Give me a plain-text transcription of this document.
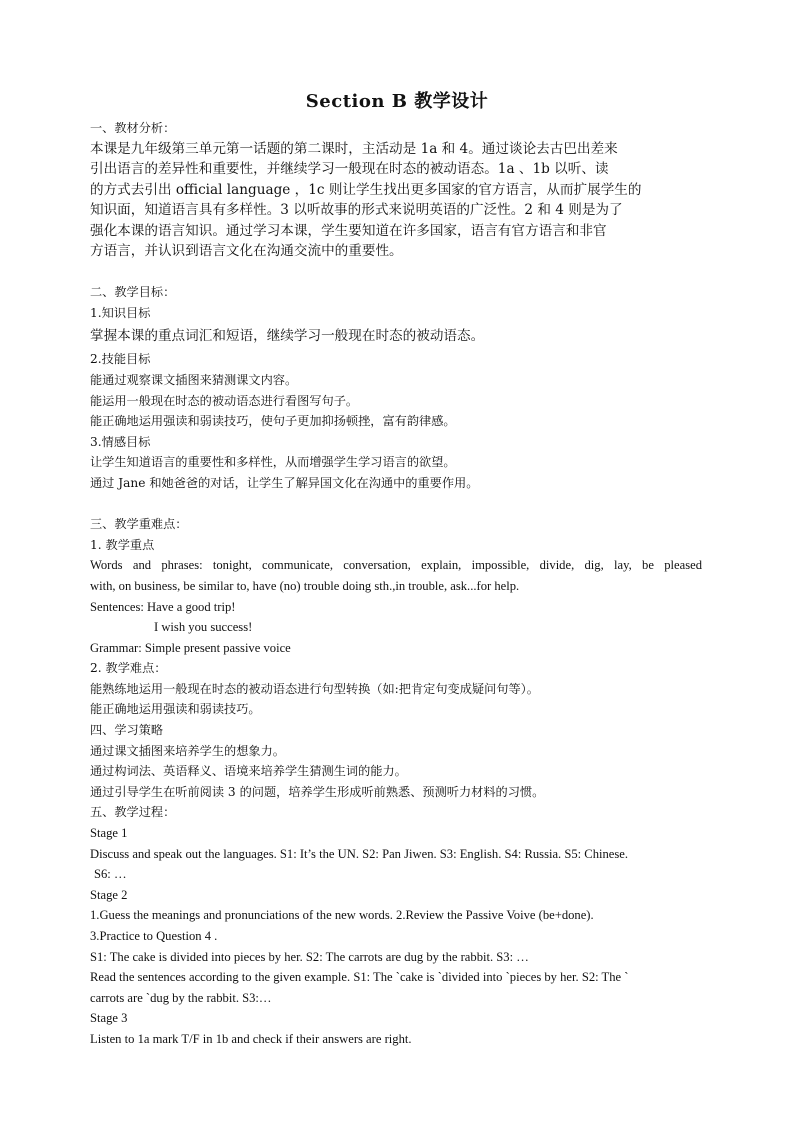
Section B 教学设计
一、教材分析：

本课是九年级第三单元第一话题的第二课时，主活动是 1a 和 4。通过谈论去古巴出差来

引出语言的差异性和重要性，并继续学习一般现在时态的被动语态。1a 、1b 以听、读

的方式去引出 official language ，1c 则让学生找出更多国家的官方语言，从而扩展学生的

知识面，知道语言具有多样性。3 以听故事的形式来说明英语的广泛性。2 和 4 则是为了

强化本课的语言知识。通过学习本课，学生要知道在许多国家，语言有官方语言和非官

方语言，并认识到语言文化在沟通交流中的重要性。

二、教学目标：
1.知识目标
掌握本课的重点词汇和短语，继续学习一般现在时态的被动语态。
2.技能目标
能通过观察课文插图来猜测课文内容。
能运用一般现在时态的被动语态进行看图写句子。
能正确地运用强读和弱读技巧，使句子更加抑扬顿挫，富有韵律感。
3.情感目标
让学生知道语言的重要性和多样性，从而增强学生学习语言的欲望。
通过 Jane 和她爸爸的对话，让学生了解异国文化在沟通中的重要作用。
三、教学重难点：
1. 教学重点
Words and phrases: tonight, communicate, conversation, explain, impossible, divide, dig, lay, be pleased
with, on business, be similar to, have (no) trouble doing sth.,in trouble, ask...for help.
Sentences: Have a good trip!
I wish you success!
Grammar: Simple present passive voice
2. 教学难点：
能熟练地运用一般现在时态的被动语态进行句型转换（如:把肯定句变成疑问句等）。
能正确地运用强读和弱读技巧。
四、学习策略
通过课文插图来培养学生的想象力。
通过构词法、英语释义、语境来培养学生猜测生词的能力。
通过引导学生在听前阅读 3 的问题，培养学生形成听前熟悉、预测听力材料的习惯。
五、教学过程：
Stage 1
Discuss and speak out the languages. S1: It’s the UN. S2: Pan Jiwen. S3: English. S4: Russia. S5: Chinese.
S6: …
Stage 2
1.Guess the meanings and pronunciations of the new words. 2.Review the Passive Voive (be+done).
3.Practice to Question 4 .
S1: The cake is divided into pieces by her. S2: The carrots are dug by the rabbit. S3: …
Read the sentences according to the given example. S1: The `cake is `divided into `pieces by her. S2: The `
carrots are `dug by the rabbit. S3:…
Stage 3
Listen to 1a mark T/F in 1b and check if their answers are right.
